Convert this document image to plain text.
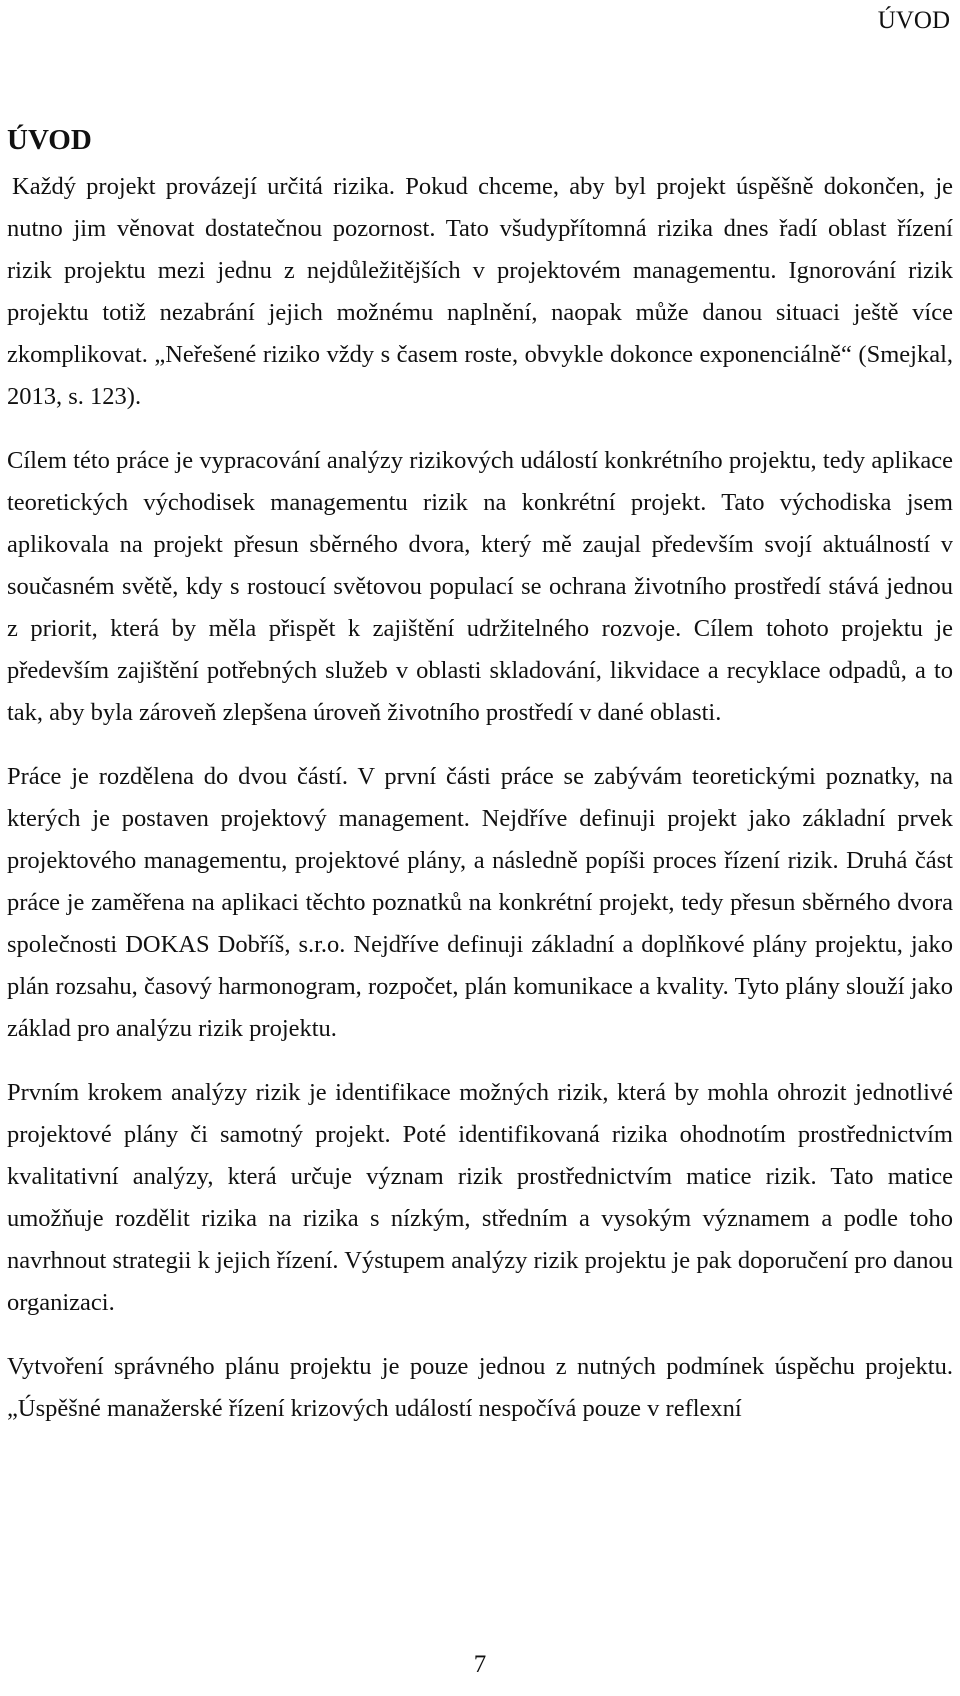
ÚVOD
ÚVOD

Každý projekt provázejí určitá rizika. Pokud chceme, aby byl projekt úspěšně dokončen, je nutno jim věnovat dostatečnou pozornost. Tato všudypřítomná rizika dnes řadí oblast řízení rizik projektu mezi jednu z nejdůležitějších v projektovém managementu. Ignorování rizik projektu totiž nezabrání jejich možnému naplnění, naopak může danou situaci ještě více zkomplikovat. „Neřešené riziko vždy s časem roste, obvykle dokonce exponenciálně“ (Smejkal, 2013, s. 123).

Cílem této práce je vypracování analýzy rizikových událostí konkrétního projektu, tedy aplikace teoretických východisek managementu rizik na konkrétní projekt. Tato východiska jsem aplikovala na projekt přesun sběrného dvora, který mě zaujal především svojí aktuálností v současném světě, kdy s rostoucí světovou populací se ochrana životního prostředí stává jednou z priorit, která by měla přispět k zajištění udržitelného rozvoje. Cílem tohoto projektu je především zajištění potřebných služeb v oblasti skladování, likvidace a recyklace odpadů, a to tak, aby byla zároveň zlepšena úroveň životního prostředí v dané oblasti.

Práce je rozdělena do dvou částí. V první části práce se zabývám teoretickými poznatky, na kterých je postaven projektový management. Nejdříve definuji projekt jako základní prvek projektového managementu, projektové plány, a následně popíši proces řízení rizik. Druhá část práce je zaměřena na aplikaci těchto poznatků na konkrétní projekt, tedy přesun sběrného dvora společnosti DOKAS Dobříš, s.r.o. Nejdříve definuji základní a doplňkové plány projektu, jako plán rozsahu, časový harmonogram, rozpočet, plán komunikace a kvality. Tyto plány slouží jako základ pro analýzu rizik projektu.

Prvním krokem analýzy rizik je identifikace možných rizik, která by mohla ohrozit jednotlivé projektové plány či samotný projekt. Poté identifikovaná rizika ohodnotím prostřednictvím kvalitativní analýzy, která určuje význam rizik prostřednictvím matice rizik. Tato matice umožňuje rozdělit rizika na rizika s nízkým, středním a vysokým významem a podle toho navrhnout strategii k jejich řízení. Výstupem analýzy rizik projektu je pak doporučení pro danou organizaci.

Vytvoření správného plánu projektu je pouze jednou z nutných podmínek úspěchu projektu. „Úspěšné manažerské řízení krizových událostí nespočívá pouze v reflexní

7
